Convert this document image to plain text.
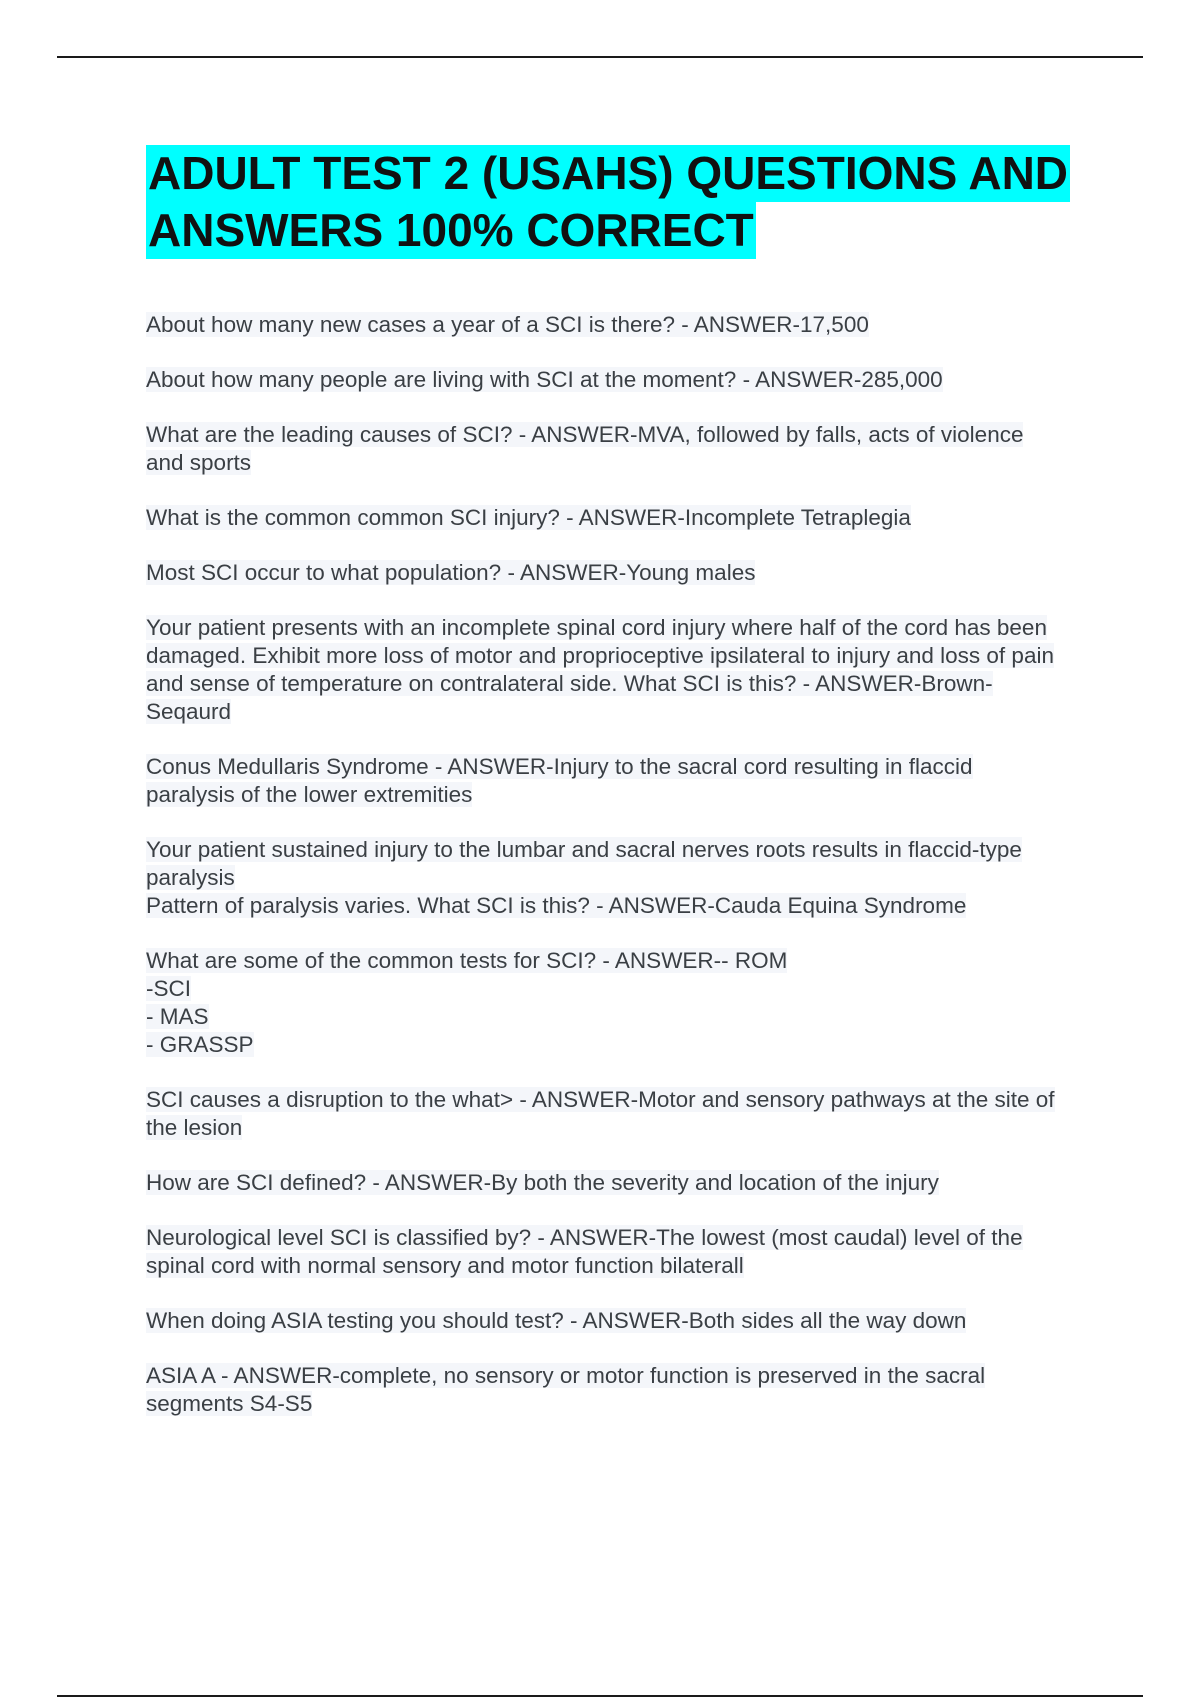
ADULT TEST 2 (USAHS) QUESTIONS AND ANSWERS 100% CORRECT

About how many new cases a year of a SCI is there? - ANSWER-17,500

About how many people are living with SCI at the moment? - ANSWER-285,000

What are the leading causes of SCI? - ANSWER-MVA, followed by falls, acts of violence and sports

What is the common common SCI injury? - ANSWER-Incomplete Tetraplegia

Most SCI occur to what population? - ANSWER-Young males

Your patient presents with an incomplete spinal cord injury where half of the cord has been damaged. Exhibit more loss of motor and proprioceptive ipsilateral to injury and loss of pain and sense of temperature on contralateral side. What SCI is this? - ANSWER-Brown-Seqaurd

Conus Medullaris Syndrome - ANSWER-Injury to the sacral cord resulting in flaccid paralysis of the lower extremities

Your patient sustained injury to the lumbar and sacral nerves roots results in flaccid-type paralysis
Pattern of paralysis varies. What SCI is this? - ANSWER-Cauda Equina Syndrome

What are some of the common tests for SCI? - ANSWER-- ROM
-SCI
- MAS
- GRASSP

SCI causes a disruption to the what> - ANSWER-Motor and sensory pathways at the site of the lesion

How are SCI defined? - ANSWER-By both the severity and location of the injury

Neurological level SCI is classified by? - ANSWER-The lowest (most caudal) level of the spinal cord with normal sensory and motor function bilaterall

When doing ASIA testing you should test? - ANSWER-Both sides all the way down

ASIA A - ANSWER-complete, no sensory or motor function is preserved in the sacral segments S4-S5
